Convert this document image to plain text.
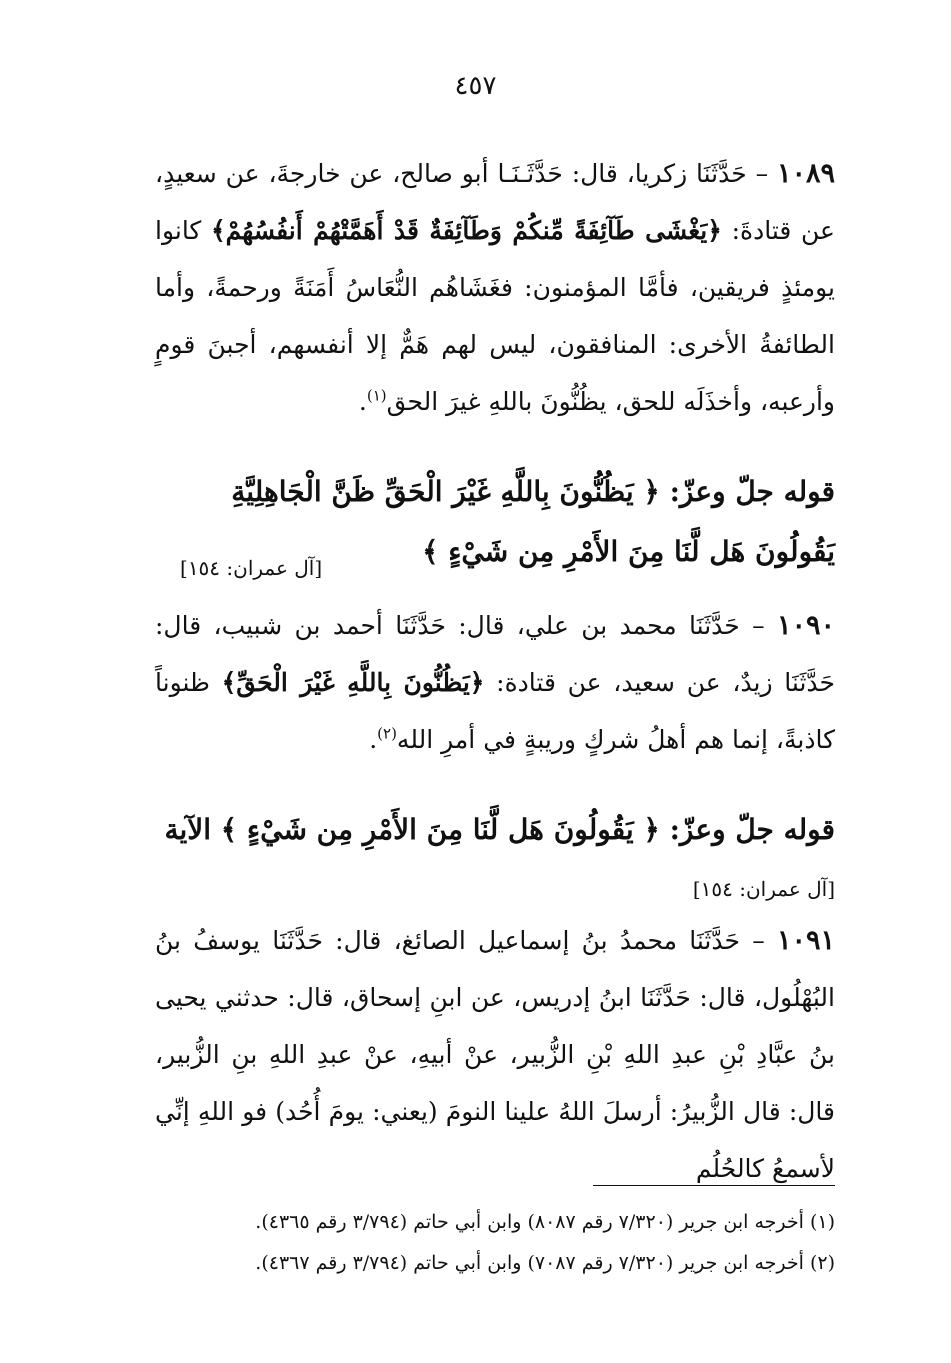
٤٥٧
١٠٨٩ – حَدَّثَنَا زكريا، قال: حَدَّثَـنَـا أبو صالح، عن خارجةَ، عن سعيدٍ، عن قتادةَ: ﴿يَغْشَى طَآئِفَةً مِّنكُمْ وَطَآئِفَةٌ قَدْ أَهَمَّتْهُمْ أَنفُسُهُمْ﴾ كانوا يومئذٍ فريقين، فأمَّا المؤمنون: فغَشَاهُم النُّعَاسُ أَمَنَةً ورحمةً، وأما الطائفةُ الأخرى: المنافقون، ليس لهم هَمٌّ إلا أنفسهم، أجبنَ قومٍ وأرعبه، وأخذَلَه للحق، يظُنُّونَ باللهِ غيرَ الحق$^{(١)}$.
قوله جلّ وعزّ: ﴿ يَظُنُّونَ بِاللَّهِ غَيْرَ الْحَقِّ ظَنَّ الْجَاهِلِيَّةِ يَقُولُونَ هَل لَّنَا مِنَ الأَمْرِ مِن شَيْءٍ ﴾
[آل عمران: ١٥٤]
١٠٩٠ – حَدَّثَنَا محمد بن علي، قال: حَدَّثَنَا أحمد بن شبيب، قال: حَدَّثَنَا زيدٌ، عن سعيد، عن قتادة: ﴿يَظُنُّونَ بِاللَّهِ غَيْرَ الْحَقِّ﴾ ظنوناً كاذبةً، إنما هم أهلُ شركٍ وريبةٍ في أمرِ الله$^{(٢)}$.
قوله جلّ وعزّ: ﴿ يَقُولُونَ هَل لَّنَا مِنَ الأَمْرِ مِن شَيْءٍ ﴾ الآية
[آل عمران: ١٥٤]
١٠٩١ – حَدَّثَنَا محمدُ بنُ إسماعيل الصائغ، قال: حَدَّثَنَا يوسفُ بنُ البُهْلُول، قال: حَدَّثَنَا ابنُ إدريس، عن ابنِ إسحاق، قال: حدثني يحيى بنُ عبَّادِ بْنِ عبدِ اللهِ بْنِ الزُّبير، عنْ أبيهِ، عنْ عبدِ اللهِ بنِ الزُّبير، قال: قال الزُّبيرُ: أرسلَ اللهُ علينا النومَ (يعني: يومَ أُحُد) فو اللهِ إنِّي لأسمعُ كالحُلُم
(١) أخرجه ابن جرير (٧/٣٢٠ رقم ٨٠٨٧) وابن أبي حاتم (٣/٧٩٤ رقم ٤٣٦٥).
(٢) أخرجه ابن جرير (٧/٣٢٠ رقم ٧٠٨٧) وابن أبي حاتم (٣/٧٩٤ رقم ٤٣٦٧).
